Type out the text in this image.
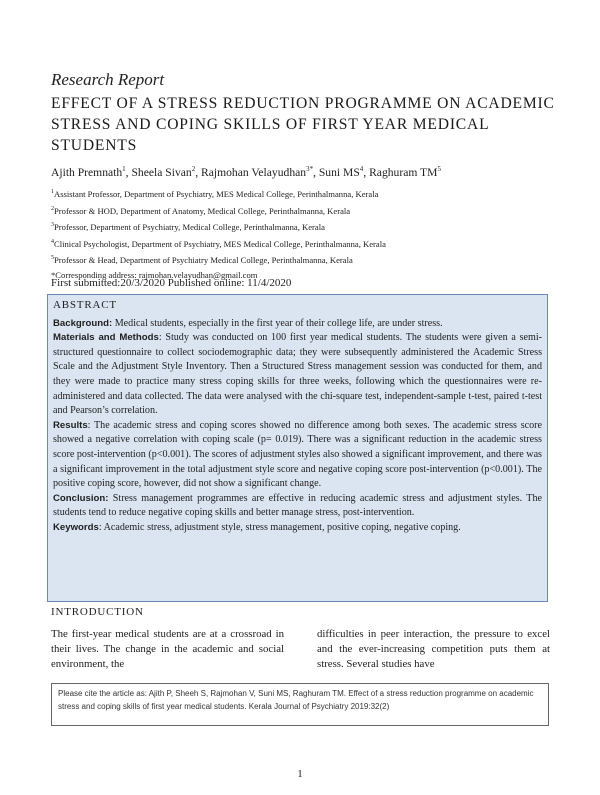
Research Report
EFFECT OF A STRESS REDUCTION PROGRAMME ON ACADEMIC STRESS AND COPING SKILLS OF FIRST YEAR MEDICAL STUDENTS
Ajith Premnath$^1$, Sheela Sivan$^2$, Rajmohan Velayudhan$^{3*}$, Suni $MS^4$, Raghuram $TM^5$
$^1$Assistant Professor, Department of Psychiatry, MES Medical College, Perinthalmanna, Kerala
$^2$Professor & HOD, Department of Anatomy, Medical College, Perinthalmanna, Kerala
$^3$Professor, Department of Psychiatry, Medical College, Perinthalmanna, Kerala
$^4$Clinical Psychologist, Department of Psychiatry, MES Medical College, Perinthalmanna, Kerala
$^5$Professor & Head, Department of Psychiatry Medical College, Perinthalmanna, Kerala
*Corresponding address: rajmohan.velayudhan@gmail.com
First submitted:20/3/2020 Published online: 11/4/2020
ABSTRACT

Background: Medical students, especially in the first year of their college life, are under stress.

Materials and Methods: Study was conducted on 100 first year medical students. The students were given a semi-structured questionnaire to collect sociodemographic data; they were subsequently administered the Academic Stress Scale and the Adjustment Style Inventory. Then a Structured Stress management session was conducted for them, and they were made to practice many stress coping skills for three weeks, following which the questionnaires were re-administered and data collected. The data were analysed with the chi-square test, independent-sample t-test, paired t-test and Pearson’s correlation.

Results: The academic stress and coping scores showed no difference among both sexes. The academic stress score showed a negative correlation with coping scale (p= 0.019). There was a significant reduction in the academic stress score post-intervention (p<0.001). The scores of adjustment styles also showed a significant improvement, and there was a significant improvement in the total adjustment style score and negative coping score post-intervention (p<0.001). The positive coping score, however, did not show a significant change.

Conclusion: Stress management programmes are effective in reducing academic stress and adjustment styles. The students tend to reduce negative coping skills and better manage stress, post-intervention.

Keywords: Academic stress, adjustment style, stress management, positive coping, negative coping.

INTRODUCTION
The first-year medical students are at a crossroad in their lives. The change in the academic and social environment, the
difficulties in peer interaction, the pressure to excel and the ever-increasing competition puts them at stress. Several studies have
Please cite the article as: Ajith P, Sheeh S, Rajmohan V, Suni MS, Raghuram TM. Effect of a stress reduction programme on academic stress and coping skills of first year medical students. Kerala Journal of Psychiatry 2019:32(2)
1
